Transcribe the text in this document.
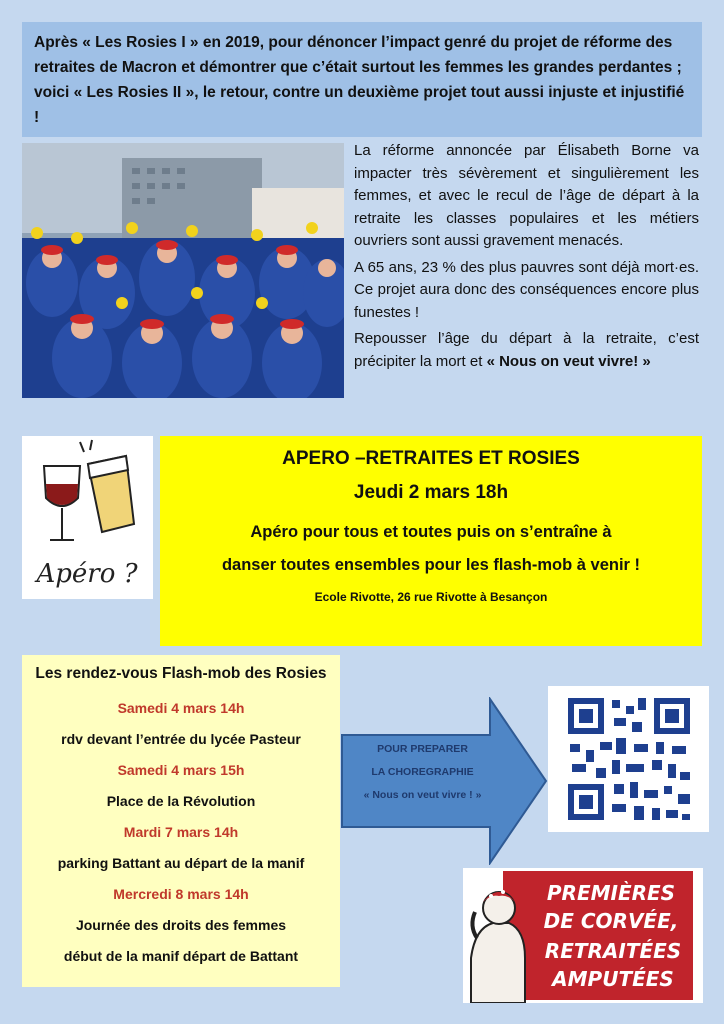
Après « Les Rosies I » en 2019, pour dénoncer l’impact genré du projet de réforme des retraites de Macron et démontrer que c’était surtout les femmes les grandes perdantes ; voici « Les Rosies II », le retour, contre un deuxième projet tout aussi injuste et injustifié !

La réforme annoncée par Élisabeth Borne va impacter très sévèrement et singulièrement les femmes, et avec le recul de l’âge de départ à la retraite les classes populaires et les métiers ouvriers sont aussi gravement menacés.

A 65 ans, 23 % des plus pauvres sont déjà mort·es. Ce projet aura donc des conséquences encore plus funestes !

Repousser l’âge du départ à la retraite, c’est précipiter la mort et « Nous on veut vivre! »

Apéro ?
APERO –RETRAITES ET ROSIES
Jeudi 2 mars 18h
Apéro pour tous et toutes puis on s’entraîne à
danser toutes ensembles pour les flash-mob à venir !
Ecole Rivotte, 26 rue Rivotte à Besançon
Les rendez-vous Flash-mob des Rosies
Samedi 4 mars 14h
rdv devant l’entrée du lycée Pasteur
Samedi 4 mars 15h
Place de la Révolution
Mardi 7 mars 14h
parking Battant au départ de la manif
Mercredi 8 mars 14h
Journée des droits des femmes
début de la manif départ de Battant
POUR PREPARER
LA CHOREGRAPHIE
« Nous on veut vivre ! »
PREMIÈRES
DE CORVÉE,
RETRAITÉES
AMPUTÉES
